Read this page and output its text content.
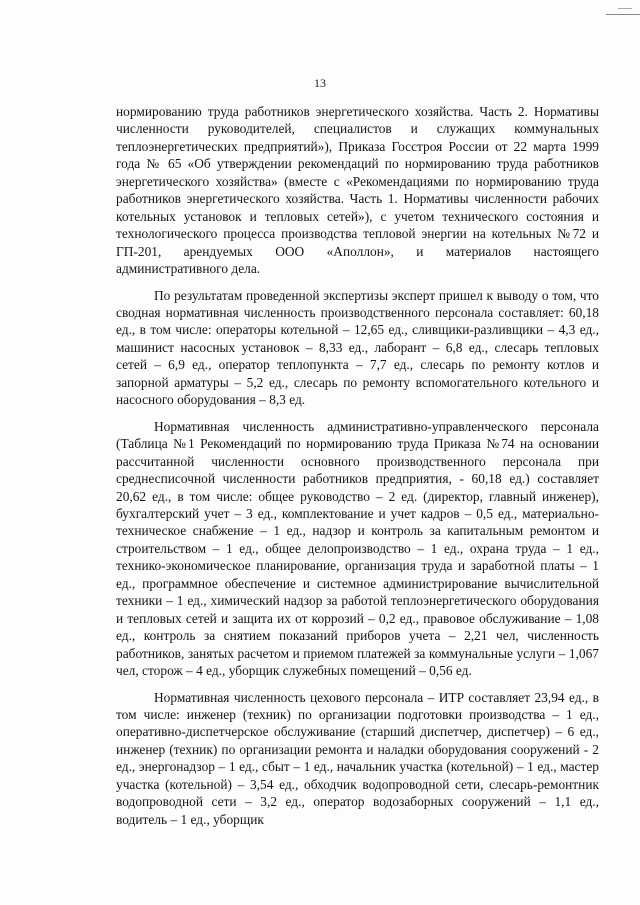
13

нормированию труда работников энергетического хозяйства. Часть 2. Нормативы численности руководителей, специалистов и служащих коммунальных теплоэнергетических предприятий»), Приказа Госстроя России от 22 марта 1999 года № 65 «Об утверждении рекомендаций по нормированию труда работников энергетического хозяйства» (вместе с «Рекомендациями по нормированию труда работников энергетического хозяйства. Часть 1. Нормативы численности рабочих котельных установок и тепловых сетей»), с учетом технического состояния и технологического процесса производства тепловой энергии на котельных №72 и ГП-201, арендуемых ООО «Аполлон», и материалов настоящего административного дела.

По результатам проведенной экспертизы эксперт пришел к выводу о том, что сводная нормативная численность производственного персонала составляет: 60,18 ед., в том числе: операторы котельной – 12,65 ед., сливщики-разливщики – 4,3 ед., машинист насосных установок – 8,33 ед., лаборант – 6,8 ед., слесарь тепловых сетей – 6,9 ед., оператор теплопункта – 7,7 ед., слесарь по ремонту котлов и запорной арматуры – 5,2 ед., слесарь по ремонту вспомогательного котельного и насосного оборудования – 8,3 ед.

Нормативная численность административно-управленческого персонала (Таблица №1 Рекомендаций по нормированию труда Приказа №74 на основании рассчитанной численности основного производственного персонала при среднесписочной численности работников предприятия, - 60,18 ед.) составляет 20,62 ед., в том числе: общее руководство – 2 ед. (директор, главный инженер), бухгалтерский учет – 3 ед., комплектование и учет кадров – 0,5 ед., материально-техническое снабжение – 1 ед., надзор и контроль за капитальным ремонтом и строительством – 1 ед., общее делопроизводство – 1 ед., охрана труда – 1 ед., технико-экономическое планирование, организация труда и заработной платы – 1 ед., программное обеспечение и системное администрирование вычислительной техники – 1 ед., химический надзор за работой теплоэнергетического оборудования и тепловых сетей и защита их от коррозий – 0,2 ед., правовое обслуживание – 1,08 ед., контроль за снятием показаний приборов учета – 2,21 чел, численность работников, занятых расчетом и приемом платежей за коммунальные услуги – 1,067 чел, сторож – 4 ед., уборщик служебных помещений – 0,56 ед.

Нормативная численность цехового персонала – ИТР составляет 23,94 ед., в том числе: инженер (техник) по организации подготовки производства – 1 ед., оперативно-диспетчерское обслуживание (старший диспетчер, диспетчер) – 6 ед., инженер (техник) по организации ремонта и наладки оборудования сооружений - 2 ед., энергонадзор – 1 ед., сбыт – 1 ед., начальник участка (котельной) – 1 ед., мастер участка (котельной) – 3,54 ед., обходчик водопроводной сети, слесарь-ремонтник водопроводной сети – 3,2 ед., оператор водозаборных сооружений – 1,1 ед., водитель – 1 ед., уборщик
